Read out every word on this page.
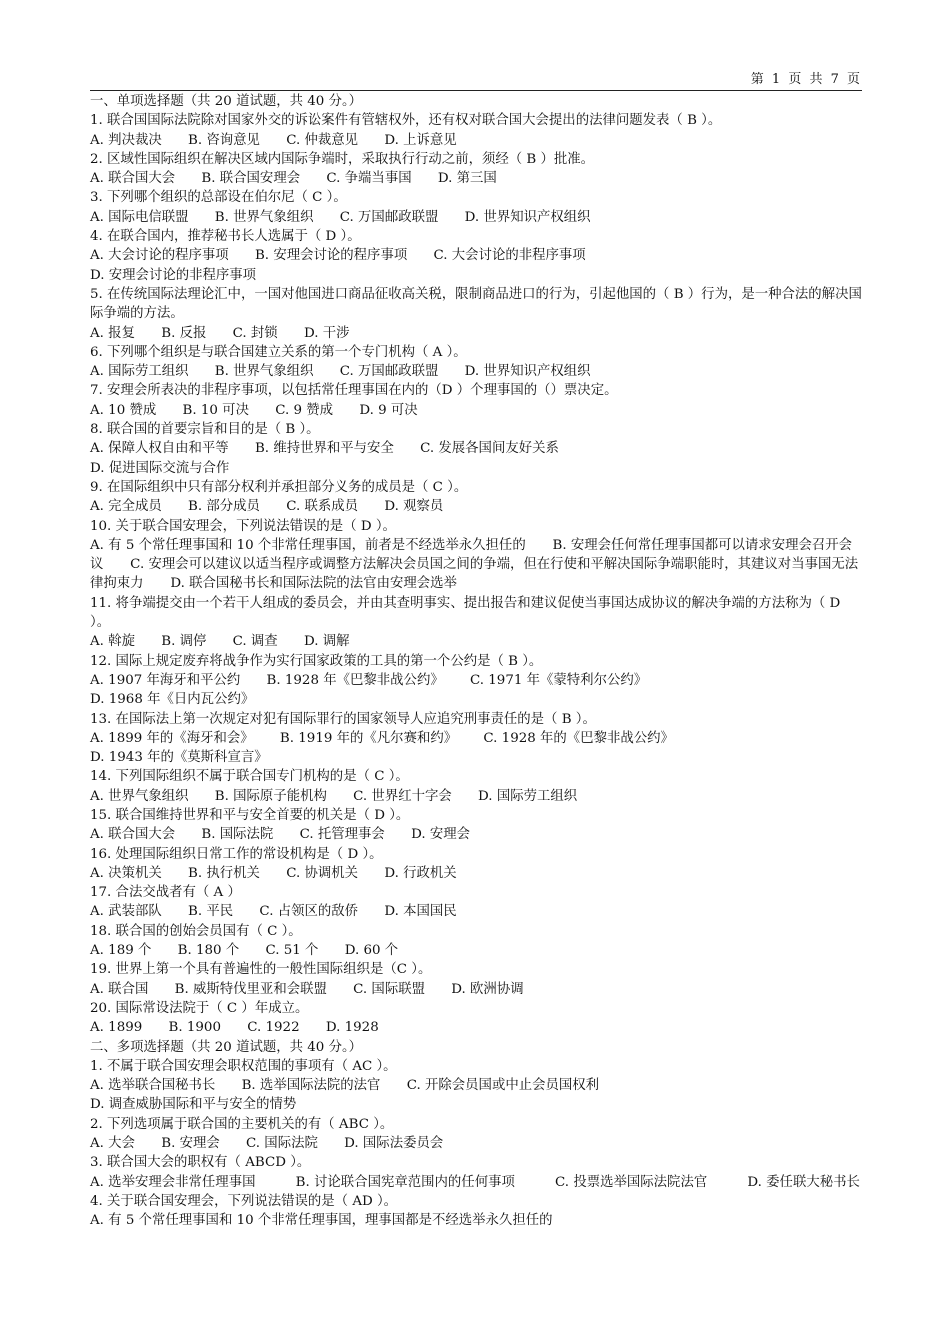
第 1 页 共 7 页
一、单项选择题（共 20 道试题，共 40 分。）
1. 联合国国际法院除对国家外交的诉讼案件有管辖权外，还有权对联合国大会提出的法律问题发表（ B ）。
A. 判决裁决 B. 咨询意见 C. 仲裁意见 D. 上诉意见
2. 区域性国际组织在解决区域内国际争端时，采取执行行动之前，须经（ B ）批准。
A. 联合国大会 B. 联合国安理会 C. 争端当事国 D. 第三国
3. 下列哪个组织的总部设在伯尔尼（ C ）。
A. 国际电信联盟 B. 世界气象组织 C. 万国邮政联盟 D. 世界知识产权组织
4. 在联合国内，推荐秘书长人选属于（ D ）。
A. 大会讨论的程序事项 B. 安理会讨论的程序事项 C. 大会讨论的非程序事项
D. 安理会讨论的非程序事项
5. 在传统国际法理论汇中，一国对他国进口商品征收高关税，限制商品进口的行为，引起他国的（ B ）行为，是一种合法的解决国际争端的方法。
A. 报复 B. 反报 C. 封锁 D. 干涉
6. 下列哪个组织是与联合国建立关系的第一个专门机构（ A ）。
A. 国际劳工组织 B. 世界气象组织 C. 万国邮政联盟 D. 世界知识产权组织
7. 安理会所表决的非程序事项，以包括常任理事国在内的（D ）个理事国的（）票决定。
A. 10 赞成 B. 10 可决 C. 9 赞成 D. 9 可决
8. 联合国的首要宗旨和目的是（ B ）。
A. 保障人权自由和平等 B. 维持世界和平与安全 C. 发展各国间友好关系
D. 促进国际交流与合作
9. 在国际组织中只有部分权利并承担部分义务的成员是（ C ）。
A. 完全成员 B. 部分成员 C. 联系成员 D. 观察员
10. 关于联合国安理会，下列说法错误的是（ D ）。
A. 有 5 个常任理事国和 10 个非常任理事国，前者是不经选举永久担任的　　B. 安理会任何常任理事国都可以请求安理会召开会议　　C. 安理会可以建议以适当程序或调整方法解决会员国之间的争端，但在行使和平解决国际争端职能时，其建议对当事国无法律拘束力　　D. 联合国秘书长和国际法院的法官由安理会选举
11. 将争端提交由一个若干人组成的委员会，并由其查明事实、提出报告和建议促使当事国达成协议的解决争端的方法称为（ D ）。
A. 斡旋 B. 调停 C. 调查 D. 调解
12. 国际上规定废弃将战争作为实行国家政策的工具的第一个公约是（ B ）。
A. 1907 年海牙和平公约 B. 1928 年《巴黎非战公约》 C. 1971 年《蒙特利尔公约》
D. 1968 年《日内瓦公约》
13. 在国际法上第一次规定对犯有国际罪行的国家领导人应追究刑事责任的是（ B ）。
A. 1899 年的《海牙和会》 B. 1919 年的《凡尔赛和约》 C. 1928 年的《巴黎非战公约》
D. 1943 年的《莫斯科宣言》
14. 下列国际组织不属于联合国专门机构的是（ C ）。
A. 世界气象组织 B. 国际原子能机构 C. 世界红十字会 D. 国际劳工组织
15. 联合国维持世界和平与安全首要的机关是（ D ）。
A. 联合国大会 B. 国际法院 C. 托管理事会 D. 安理会
16. 处理国际组织日常工作的常设机构是（ D ）。
A. 决策机关 B. 执行机关 C. 协调机关 D. 行政机关
17. 合法交战者有（ A ）
A. 武装部队 B. 平民 C. 占领区的敌侨 D. 本国国民
18. 联合国的创始会员国有（ C ）。
A. 189 个 B. 180 个 C. 51 个 D. 60 个
19. 世界上第一个具有普遍性的一般性国际组织是（C ）。
A. 联合国 B. 威斯特伐里亚和会联盟 C. 国际联盟 D. 欧洲协调
20. 国际常设法院于（ C ）年成立。
A. 1899 B. 1900 C. 1922 D. 1928
二、多项选择题（共 20 道试题，共 40 分。）
1. 不属于联合国安理会职权范围的事项有（ AC ）。
A. 选举联合国秘书长 B. 选举国际法院的法官 C. 开除会员国或中止会员国权利
D. 调查威胁国际和平与安全的情势
2. 下列选项属于联合国的主要机关的有（ ABC ）。
A. 大会 B. 安理会 C. 国际法院 D. 国际法委员会
3. 联合国大会的职权有（ ABCD ）。
A. 选举安理会非常任理事国　　　B. 讨论联合国宪章范围内的任何事项　　　C. 投票选举国际法院法官　　　D. 委任联大秘书长
4. 关于联合国安理会，下列说法错误的是（ AD ）。
A. 有 5 个常任理事国和 10 个非常任理事国，理事国都是不经选举永久担任的
